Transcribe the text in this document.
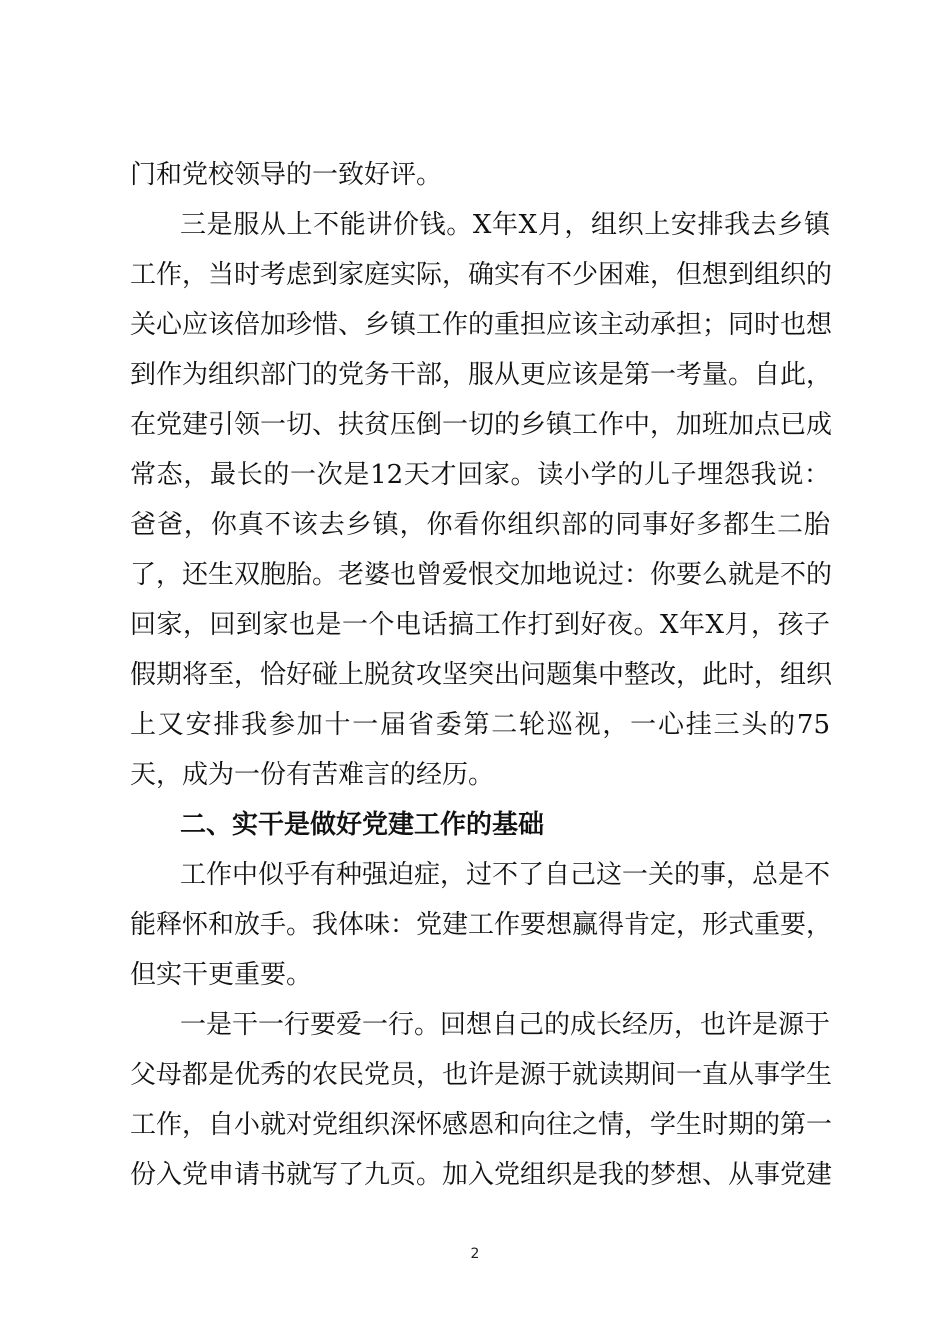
门和党校领导的一致好评。
三是服从上不能讲价钱。X年X月，组织上安排我去乡镇
工作，当时考虑到家庭实际，确实有不少困难，但想到组织的
关心应该倍加珍惜、乡镇工作的重担应该主动承担；同时也想
到作为组织部门的党务干部，服从更应该是第一考量。自此，
在党建引领一切、扶贫压倒一切的乡镇工作中，加班加点已成
常态，最长的一次是12天才回家。读小学的儿子埋怨我说：
爸爸，你真不该去乡镇，你看你组织部的同事好多都生二胎
了，还生双胞胎。老婆也曾爱恨交加地说过：你要么就是不的
回家，回到家也是一个电话搞工作打到好夜。X年X月，孩子
假期将至，恰好碰上脱贫攻坚突出问题集中整改，此时，组织
上又安排我参加十一届省委第二轮巡视，一心挂三头的75
天，成为一份有苦难言的经历。
二、实干是做好党建工作的基础
工作中似乎有种强迫症，过不了自己这一关的事，总是不
能释怀和放手。我体味：党建工作要想赢得肯定，形式重要，
但实干更重要。
一是干一行要爱一行。回想自己的成长经历，也许是源于
父母都是优秀的农民党员，也许是源于就读期间一直从事学生
工作，自小就对党组织深怀感恩和向往之情，学生时期的第一
份入党申请书就写了九页。加入党组织是我的梦想、从事党建
2
